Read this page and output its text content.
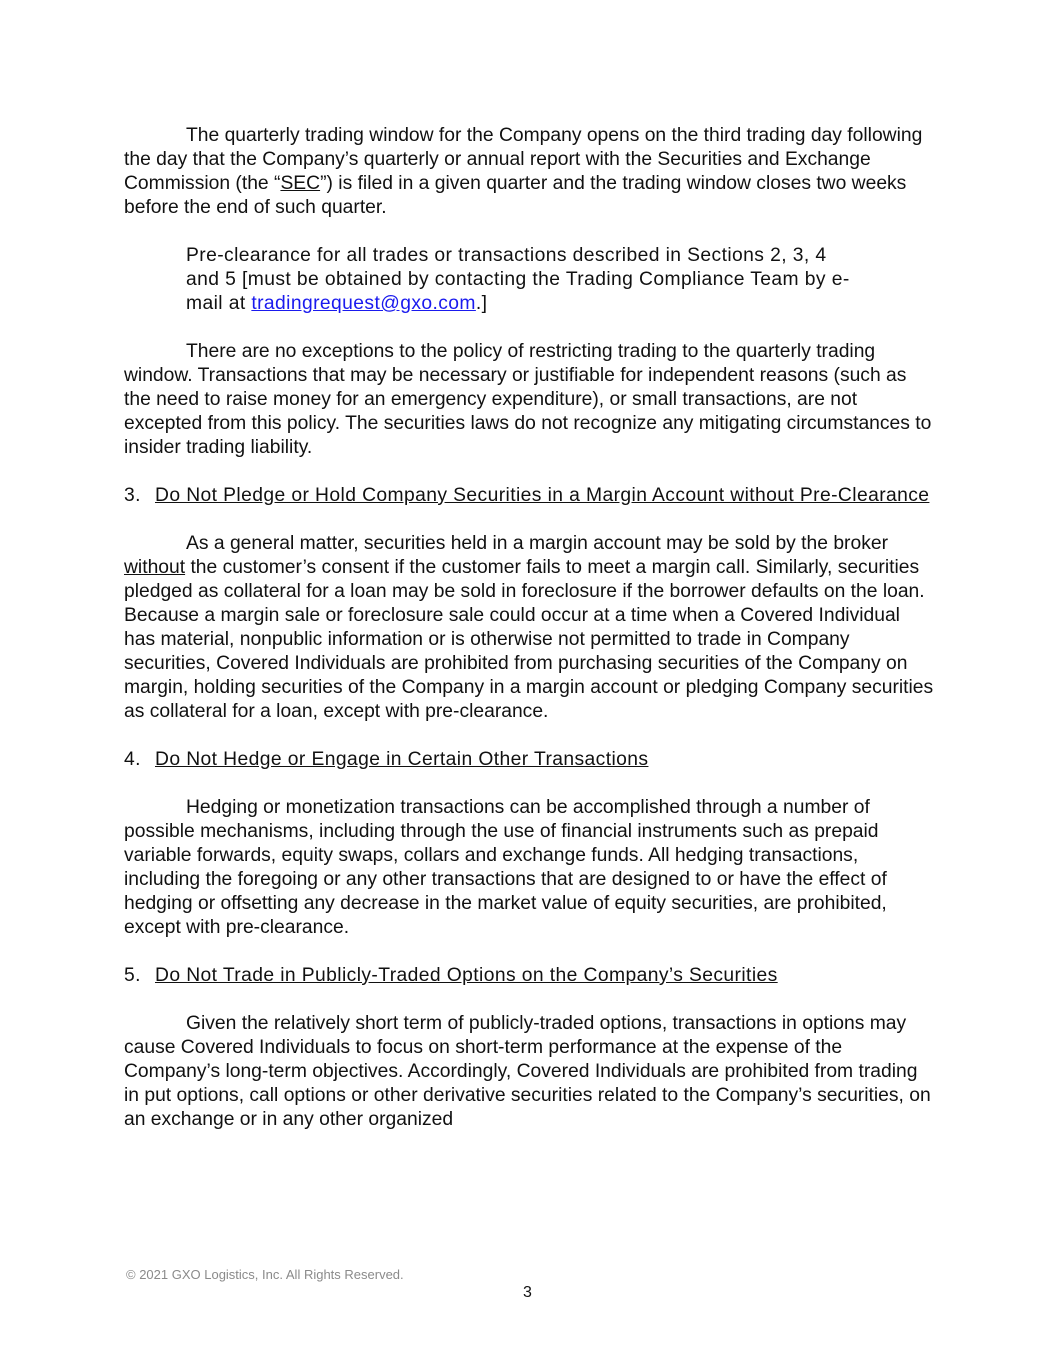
The quarterly trading window for the Company opens on the third trading day following the day that the Company’s quarterly or annual report with the Securities and Exchange Commission (the “SEC”) is filed in a given quarter and the trading window closes two weeks before the end of such quarter.

Pre-clearance for all trades or transactions described in Sections 2, 3, 4 and 5 [must be obtained by contacting the Trading Compliance Team by e-mail at tradingrequest@gxo.com.]

There are no exceptions to the policy of restricting trading to the quarterly trading window. Transactions that may be necessary or justifiable for independent reasons (such as the need to raise money for an emergency expenditure), or small transactions, are not excepted from this policy. The securities laws do not recognize any mitigating circumstances to insider trading liability.

3. Do Not Pledge or Hold Company Securities in a Margin Account without Pre-Clearance

As a general matter, securities held in a margin account may be sold by the broker without the customer’s consent if the customer fails to meet a margin call. Similarly, securities pledged as collateral for a loan may be sold in foreclosure if the borrower defaults on the loan. Because a margin sale or foreclosure sale could occur at a time when a Covered Individual has material, nonpublic information or is otherwise not permitted to trade in Company securities, Covered Individuals are prohibited from purchasing securities of the Company on margin, holding securities of the Company in a margin account or pledging Company securities as collateral for a loan, except with pre-clearance.

4. Do Not Hedge or Engage in Certain Other Transactions

Hedging or monetization transactions can be accomplished through a number of possible mechanisms, including through the use of financial instruments such as prepaid variable forwards, equity swaps, collars and exchange funds. All hedging transactions, including the foregoing or any other transactions that are designed to or have the effect of hedging or offsetting any decrease in the market value of equity securities, are prohibited, except with pre-clearance.

5. Do Not Trade in Publicly-Traded Options on the Company’s Securities

Given the relatively short term of publicly-traded options, transactions in options may cause Covered Individuals to focus on short-term performance at the expense of the Company’s long-term objectives. Accordingly, Covered Individuals are prohibited from trading in put options, call options or other derivative securities related to the Company’s securities, on an exchange or in any other organized

© 2021 GXO Logistics, Inc. All Rights Reserved.
3
